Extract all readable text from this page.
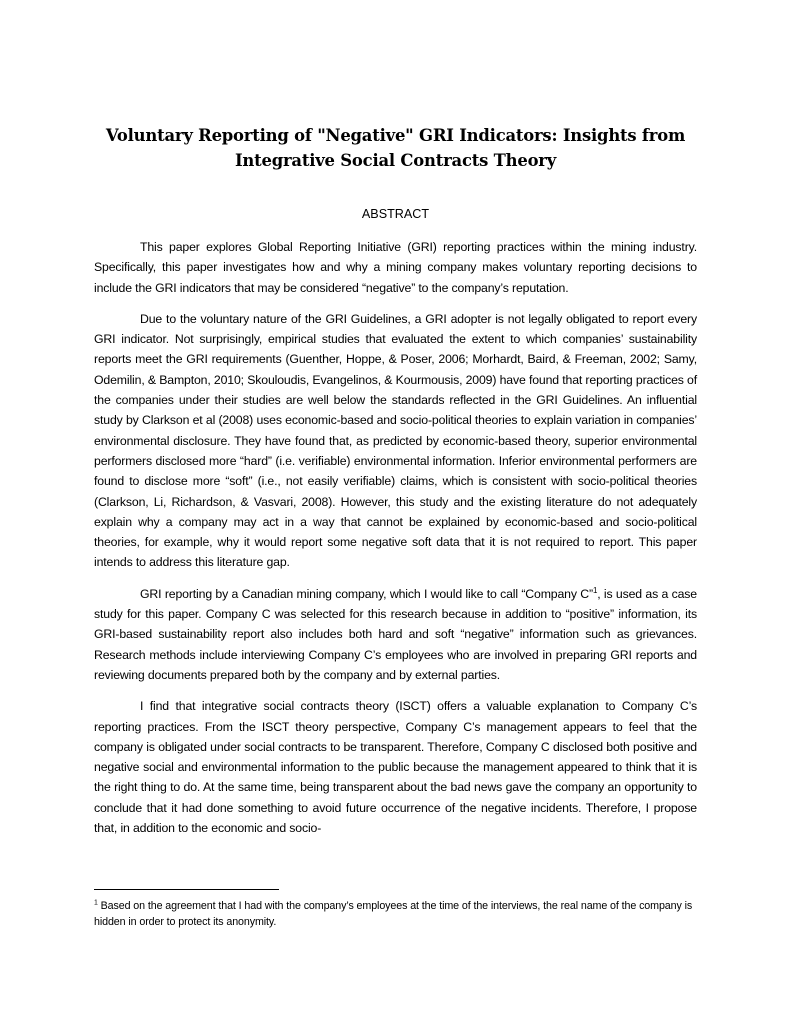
Voluntary Reporting of "Negative" GRI Indicators: Insights from
Integrative Social Contracts Theory
ABSTRACT

This paper explores Global Reporting Initiative (GRI) reporting practices within the mining industry. Specifically, this paper investigates how and why a mining company makes voluntary reporting decisions to include the GRI indicators that may be considered “negative” to the company’s reputation.

Due to the voluntary nature of the GRI Guidelines, a GRI adopter is not legally obligated to report every GRI indicator. Not surprisingly, empirical studies that evaluated the extent to which companies’ sustainability reports meet the GRI requirements (Guenther, Hoppe, & Poser, 2006; Morhardt, Baird, & Freeman, 2002; Samy, Odemilin, & Bampton, 2010; Skouloudis, Evangelinos, & Kourmousis, 2009) have found that reporting practices of the companies under their studies are well below the standards reflected in the GRI Guidelines. An influential study by Clarkson et al (2008) uses economic-based and socio-political theories to explain variation in companies’ environmental disclosure. They have found that, as predicted by economic-based theory, superior environmental performers disclosed more “hard” (i.e. verifiable) environmental information. Inferior environmental performers are found to disclose more “soft” (i.e., not easily verifiable) claims, which is consistent with socio-political theories (Clarkson, Li, Richardson, & Vasvari, 2008). However, this study and the existing literature do not adequately explain why a company may act in a way that cannot be explained by economic-based and socio-political theories, for example, why it would report some negative soft data that it is not required to report. This paper intends to address this literature gap.

GRI reporting by a Canadian mining company, which I would like to call “Company C”$^1$, is used as a case study for this paper. Company C was selected for this research because in addition to “positive” information, its GRI-based sustainability report also includes both hard and soft “negative” information such as grievances. Research methods include interviewing Company C’s employees who are involved in preparing GRI reports and reviewing documents prepared both by the company and by external parties.

I find that integrative social contracts theory (ISCT) offers a valuable explanation to Company C’s reporting practices. From the ISCT theory perspective, Company C’s management appears to feel that the company is obligated under social contracts to be transparent. Therefore, Company C disclosed both positive and negative social and environmental information to the public because the management appeared to think that it is the right thing to do. At the same time, being transparent about the bad news gave the company an opportunity to conclude that it had done something to avoid future occurrence of the negative incidents. Therefore, I propose that, in addition to the economic and socio-

$^1$ Based on the agreement that I had with the company’s employees at the time of the interviews, the real name of the company is hidden in order to protect its anonymity.
